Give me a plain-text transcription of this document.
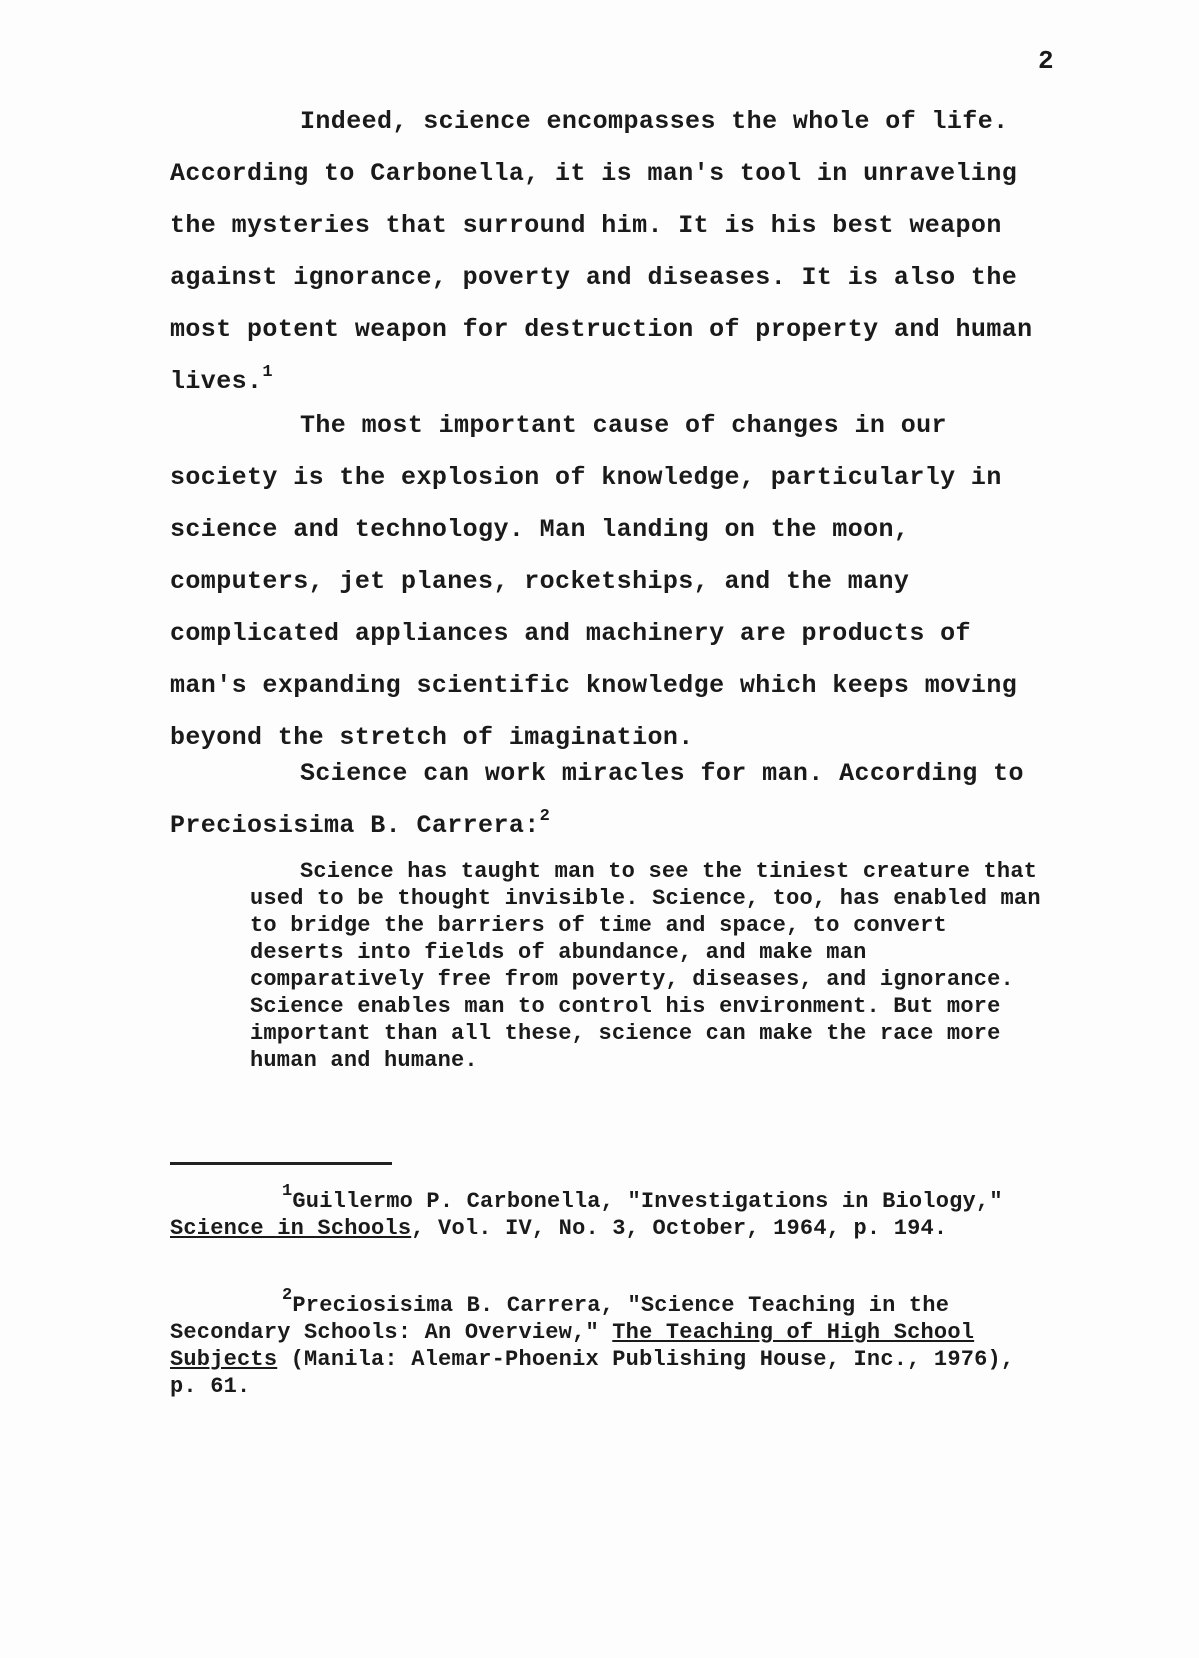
2

Indeed, science encompasses the whole of life. According to Carbonella, it is man's tool in unraveling the mysteries that surround him. It is his best weapon against ignorance, poverty and diseases. It is also the most potent weapon for destruction of property and human lives.$^1$

The most important cause of changes in our society is the explosion of knowledge, particularly in science and technology. Man landing on the moon, computers, jet planes, rocketships, and the many complicated appliances and machinery are products of man's expanding scientific knowledge which keeps moving beyond the stretch of imagination.

Science can work miracles for man. According to Preciosisima B. Carrera:$^2$

Science has taught man to see the tiniest creature that used to be thought invisible. Science, too, has enabled man to bridge the barriers of time and space, to convert deserts into fields of abundance, and make man comparatively free from poverty, diseases, and ignorance. Science enables man to control his environment. But more important than all these, science can make the race more human and humane.

$^1$Guillermo P. Carbonella, "Investigations in Biology," Science in Schools, Vol. IV, No. 3, October, 1964, p. 194.

$^2$Preciosisima B. Carrera, "Science Teaching in the Secondary Schools: An Overview," The Teaching of High School Subjects (Manila: Alemar-Phoenix Publishing House, Inc., 1976), p. 61.
